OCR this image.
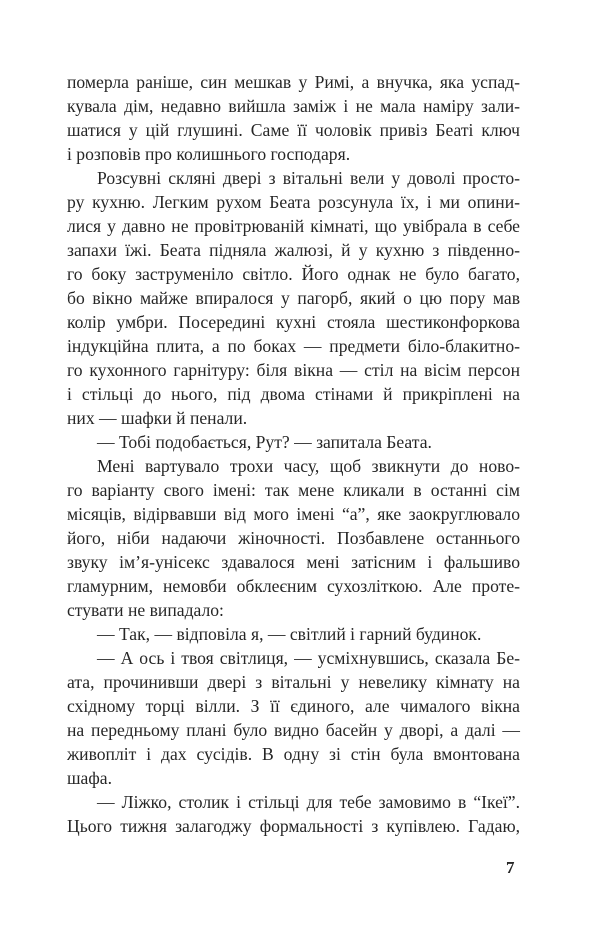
померла раніше, син мешкав у Римі, а внучка, яка успад-
кувала дім, недавно вийшла заміж і не мала наміру зали-
шатися у цій глушині. Саме її чоловік привіз Беаті ключ
і розповів про колишнього господаря.
Розсувні скляні двері з вітальні вели у доволі просто-
ру кухню. Легким рухом Беата розсунула їх, і ми опини-
лися у давно не провітрюваній кімнаті, що увібрала в себе
запахи їжі. Беата підняла жалюзі, й у кухню з південно-
го боку заструменіло світло. Його однак не було багато,
бо вікно майже впиралося у пагорб, який о цю пору мав
колір умбри. Посередині кухні стояла шестиконфоркова
індукційна плита, а по боках — предмети біло-блакитно-
го кухонного гарнітуру: біля вікна — стіл на вісім персон
і стільці до нього, під двома стінами й прикріплені на
них — шафки й пенали.
— Тобі подобається, Рут? — запитала Беата.
Мені вартувало трохи часу, щоб звикнути до ново-
го варіанту свого імені: так мене кликали в останні сім
місяців, відірвавши від мого імені “а”, яке заокруглювало
його, ніби надаючи жіночності. Позбавлене останнього
звуку ім’я-унісекс здавалося мені затісним і фальшиво
гламурним, немовби обклеєним сухозліткою. Але проте-
стувати не випадало:
— Так, — відповіла я, — світлий і гарний будинок.
— А ось і твоя світлиця, — усміхнувшись, сказала Бе-
ата, прочинивши двері з вітальні у невелику кімнату на
східному торці вілли. З її єдиного, але чималого вікна
на передньому плані було видно басейн у дворі, а далі —
живопліт і дах сусідів. В одну зі стін була вмонтована
шафа.
— Ліжко, столик і стільці для тебе замовимо в “Ікеї”.
Цього тижня залагоджу формальності з купівлею. Гадаю,
7
